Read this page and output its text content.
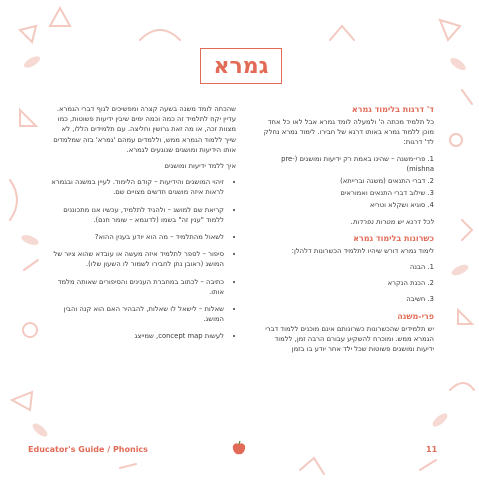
גמרא
ד' דרגות בלימוד גמרא

כל תלמיד מכתה ה' ולמעלה לומד גמרא אבל לאו כל אחד מוכן ללמוד גמרא באותו דרגא של חבירו. לימוד גמרא נחלק לד' דרגות:

1. פרי-משנה – שהינו באמת רק ידיעות ומושגים (pre-mishna)
2. דברי התנאים (משנה וברייתא)
3. שילוב דברי התנאים ואמוראים
4. סוגיא ושקלא וטריא

לכל דרגא יש מטרות נפרדות.

כשרונות בלימוד גמרא

לימוד גמרא דורש שיהיו לתלמיד הכשרונות דלהלן:

1. הבנה
2. הכנת הנקרא
3. חשיבה
פרי-משנה

יש תלמידים שהכשרונות כשרונותם אינם מוכנים ללמוד דברי הגמרא ממש. ומוכרח להשקיע עבורם הרבה זמן, ללמוד ידיעות ומושגים פשוטות שכל ילד אחר יודע בו בזמן

שהכתה לומד משנה בשעה קצרה ומפשיכים לגוף דברי הגמרא. עדיין יקח לתלמיד זה כמה וכמה ימים שיבין ידיעות פשוטות, כמו מצוות זכה, או מה זאת גרושין וחליצה. עם תלמידים הללו, לא שייך ללמוד הגמרא ממש, וללמדים עמהם 'גמרא' בזה שמלמדים אותו הידיעות ומושגים שנוגעים לגמרא.

איך ללמד ידיעות ומושגים

• זיהוי המושגים והידיעות – קודם הלימוד. לעיין במשנה ובגמרא לראות איזה מושגים חדשים מצויים שם.
• קריאת שם למושג – ולהגיד לתלמיד, עכשיו אנו מתכוננים ללמוד "ענין זה" בשמו (לדוגמא – שומר חנם).
• לשאול מהתלמיד – מה הוא יודע בענין ההוא?
• סיפור – לספר לתלמיד איזה מעשה או עובדא שהוא ציור של המושג (ראובן נתן לחבירו לשמור לו השעון שלו).
• כתיבה – לכתוב במחברת הענינים והסיפורים שאותה מלמד אותו.
• שאלות – לישאל לו שאלות, להבהיר האם הוא קנה והבין המושג.
• לעשות concept map, שמייצג
Educator's Guide / Phonics	11
